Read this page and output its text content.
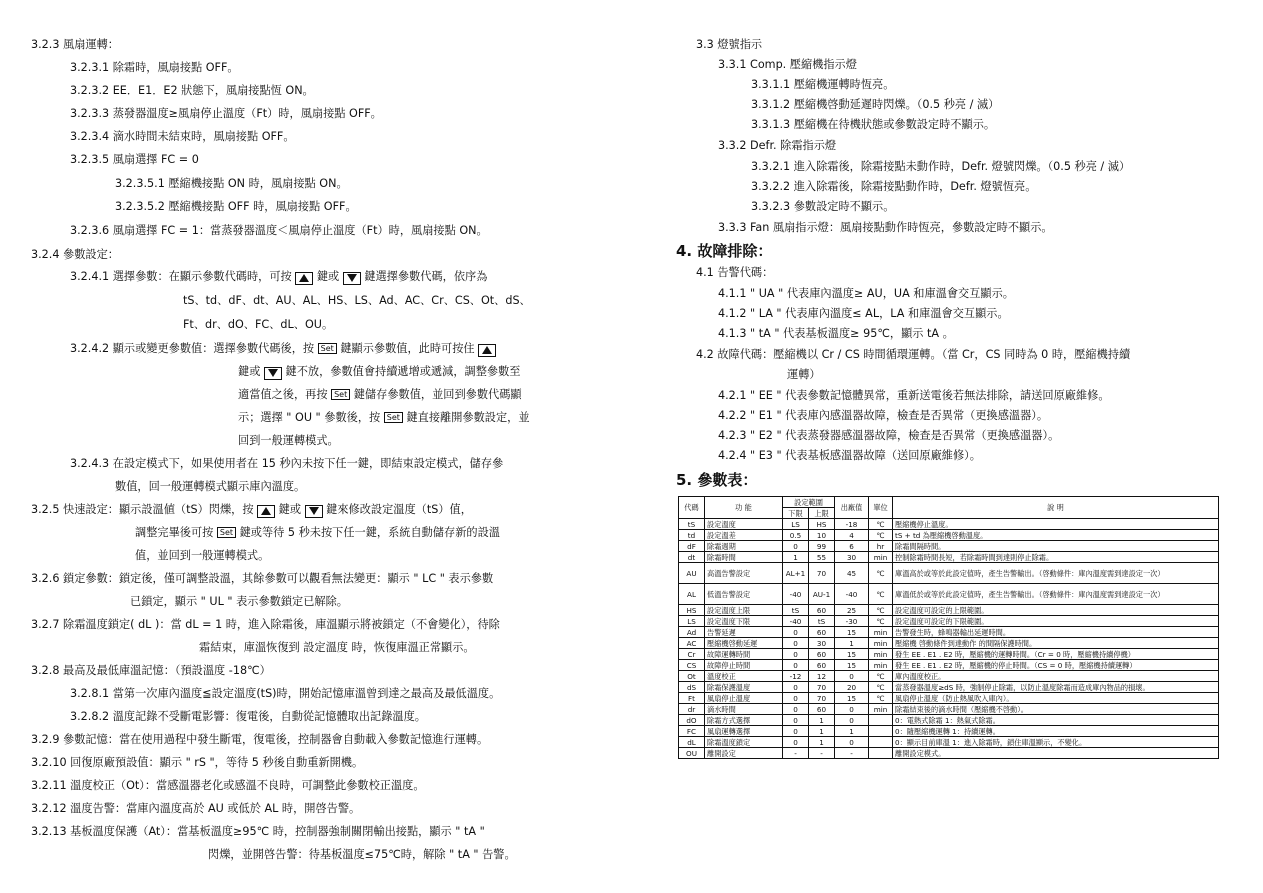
3.2.3 風扇運轉：
3.2.3.1 除霜時，風扇接點 OFF。
3.2.3.2 EE．E1．E2 狀態下，風扇接點恆 ON。
3.2.3.3 蒸發器溫度≥風扇停止溫度（Ft）時，風扇接點 OFF。
3.2.3.4 滴水時間未結束時，風扇接點 OFF。
3.2.3.5 風扇選擇 FC = 0
3.2.3.5.1 壓縮機接點 ON 時，風扇接點 ON。
3.2.3.5.2 壓縮機接點 OFF 時，風扇接點 OFF。
3.2.3.6 風扇選擇 FC = 1：當蒸發器溫度＜風扇停止溫度（Ft）時，風扇接點 ON。
3.2.4 參數設定：
3.2.4.1 選擇參數：在顯示參數代碼時，可按 鍵或 鍵選擇參數代碼，依序為
tS、td、dF、dt、AU、AL、HS、LS、Ad、AC、Cr、CS、Ot、dS、
Ft、dr、dO、FC、dL、OU。
3.2.4.2 顯示或變更參數值：選擇參數代碼後，按 Set 鍵顯示參數值，此時可按住
鍵或 鍵不放，參數值會持續遞增或遞減，調整參數至
適當值之後，再按 Set 鍵儲存參數值，並回到參數代碼顯
示；選擇 " OU " 參數後，按 Set 鍵直接離開參數設定，並
回到一般運轉模式。
3.2.4.3 在設定模式下，如果使用者在 15 秒內未按下任一鍵，即結束設定模式，儲存參
數值，回一般運轉模式顯示庫內溫度。
3.2.5 快速設定：顯示設溫値（tS）閃爍，按 鍵或 鍵來修改設定溫度（tS）值，
調整完畢後可按 Set 鍵或等待 5 秒未按下任一鍵，系統自動儲存新的設溫
值，並回到一般運轉模式。
3.2.6 鎖定參數：鎖定後，僅可調整設溫，其餘參數可以觀看無法變更：顯示 " LC " 表示參數
已鎖定，顯示 " UL " 表示參數鎖定已解除。
3.2.7 除霜溫度鎖定( dL )：當 dL = 1 時，進入除霜後，庫溫顯示將被鎖定（不會變化），待除
霜結束，庫溫恢復到 設定溫度 時，恢復庫溫正常顯示。
3.2.8 最高及最低庫溫記憶：（預設溫度 -18℃）
3.2.8.1 當第一次庫內溫度≦設定溫度(tS)時，開始記憶庫溫曾到達之最高及最低溫度。
3.2.8.2 溫度記錄不受斷電影響：復電後，自動從記憶體取出記錄溫度。
3.2.9 參數記憶：當在使用過程中發生斷電，復電後，控制器會自動載入參數記憶進行運轉。
3.2.10 回復原廠預設值：顯示 " rS "，等待 5 秒後自動重新開機。
3.2.11 溫度校正（Ot）：當感溫器老化或感溫不良時，可調整此參數校正溫度。
3.2.12 溫度告警：當庫內溫度高於 AU 或低於 AL 時，開啓告警。
3.2.13 基板溫度保護（At）：當基板溫度≥95℃ 時，控制器強制關閉輸出接點，顯示 " tA "
閃爍，並開啓告警：待基板溫度≤75℃時，解除 " tA " 告警。
3.3 燈號指示
3.3.1 Comp. 壓縮機指示燈
3.3.1.1 壓縮機運轉時恆亮。
3.3.1.2 壓縮機啓動延遲時閃爍。（0.5 秒亮 / 滅）
3.3.1.3 壓縮機在待機狀態或參數設定時不顯示。
3.3.2 Defr. 除霜指示燈
3.3.2.1 進入除霜後，除霜接點未動作時，Defr. 燈號閃爍。（0.5 秒亮 / 滅）
3.3.2.2 進入除霜後，除霜接點動作時，Defr. 燈號恆亮。
3.3.2.3 參數設定時不顯示。
3.3.3 Fan 風扇指示燈：風扇接點動作時恆亮，參數設定時不顯示。
4. 故障排除：
4.1 告警代碼：
4.1.1 " UA " 代表庫內溫度≥ AU，UA 和庫溫會交互顯示。
4.1.2 " LA " 代表庫內溫度≤ AL，LA 和庫溫會交互顯示。
4.1.3 " tA " 代表基板溫度≥ 95℃，顯示 tA 。
4.2 故障代碼：壓縮機以 Cr / CS 時間循環運轉。（當 Cr，CS 同時為 0 時，壓縮機持續
運轉）
4.2.1 " EE " 代表參數記憶體異常，重新送電後若無法排除，請送回原廠維修。
4.2.2 " E1 " 代表庫內感溫器故障，檢查是否異常（更換感溫器）。
4.2.3 " E2 " 代表蒸發器感溫器故障，檢查是否異常（更換感溫器）。
4.2.4 " E3 " 代表基板感溫器故障（送回原廠維修）。
5. 參數表：
代碼	功 能	設定範圍		出廠值	單位	說 明
		下限	上限			
tS	設定溫度	LS	HS	-18	℃	壓縮機停止溫度。
td	設定溫差	0.5	10	4	℃	tS + td 為壓縮機啓動溫度。
dF	除霜週期	0	99	6	hr	除霜間隔時間。
dt	除霜時間	1	55	30	min	控制除霜時間長短，若除霜時間到達則停止除霜。
AU	高溫告警設定	AL+1	70	45	℃	庫溫高於或等於此設定值時，產生告警輸出。（啓動條件：庫內溫度需到達設定一次）
AL	低溫告警設定	-40	AU-1	-40	℃	庫溫低於或等於此設定值時，產生告警輸出。（啓動條件：庫內溫度需到達設定一次）
HS	設定溫度上限	tS	60	25	℃	設定溫度可設定的上限範圍。
LS	設定溫度下限	-40	tS	-30	℃	設定溫度可設定的下限範圍。
Ad	告警延遲	0	60	15	min	告警發生時，蜂鳴器輸出延遲時間。
AC	壓縮機啓動延遲	0	30	1	min	壓縮機 啓動條件到達動作 的間隔保護時間。
Cr	故障運轉時間	0	60	15	min	發生 EE . E1 . E2 時，壓縮機的運轉時間。（Cr = 0 時，壓縮機持續停機）
CS	故障停止時間	0	60	15	min	發生 EE . E1 . E2 時，壓縮機的停止時間。（CS = 0 時，壓縮機持續運轉）
Ot	溫度校正	-12	12	0	℃	庫內溫度校正。
dS	除霜保護溫度	0	70	20	℃	當蒸發器溫度≥dS 時，強制停止除霜，以防止溫度除霜而造成庫內物品的損壞。
Ft	風扇停止溫度	0	70	15	℃	風扇停止溫度（防止熱風吹入庫內）。
dr	滴水時間	0	60	0	min	除霜結束後的滴水時間（壓縮機不啓動）。
dO	除霜方式選擇	0	1	0		0：電熱式除霜 1：熱氣式除霜。
FC	風扇運轉選擇	0	1	1		0：隨壓縮機運轉 1：持續運轉。
dL	除霜溫度鎖定	0	1	0		0：顯示目前庫溫 1：進入除霜時，鎖住庫溫顯示，不變化。
OU	離開設定	-	-	-		離開設定模式。
